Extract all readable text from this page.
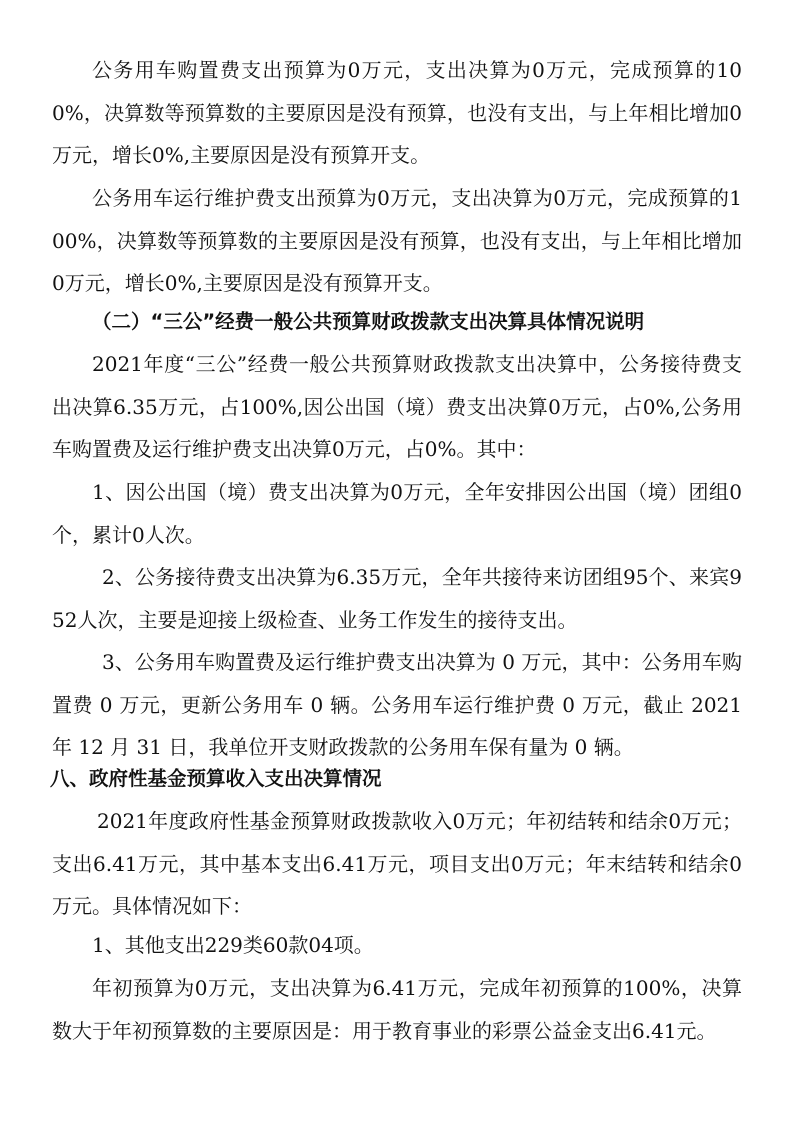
公务用车购置费支出预算为0万元，支出决算为0万元，完成预算的100%，决算数等预算数的主要原因是没有预算，也没有支出，与上年相比增加0万元，增长0%,主要原因是没有预算开支。
公务用车运行维护费支出预算为0万元，支出决算为0万元，完成预算的100%，决算数等预算数的主要原因是没有预算，也没有支出，与上年相比增加0万元，增长0%,主要原因是没有预算开支。
（二）“三公”经费一般公共预算财政拨款支出决算具体情况说明
2021年度“三公”经费一般公共预算财政拨款支出决算中，公务接待费支出决算6.35万元，占100%,因公出国（境）费支出决算0万元，占0%,公务用车购置费及运行维护费支出决算0万元，占0%。其中：
1、因公出国（境）费支出决算为0万元，全年安排因公出国（境）团组0个，累计0人次。
2、公务接待费支出决算为6.35万元，全年共接待来访团组95个、来宾952人次，主要是迎接上级检查、业务工作发生的接待支出。
3、公务用车购置费及运行维护费支出决算为 0 万元，其中：公务用车购置费 0 万元，更新公务用车 0 辆。公务用车运行维护费 0 万元，截止 2021 年 12 月 31 日，我单位开支财政拨款的公务用车保有量为 0 辆。
八、政府性基金预算收入支出决算情况
2021年度政府性基金预算财政拨款收入0万元；年初结转和结余0万元；支出6.41万元，其中基本支出6.41万元，项目支出0万元；年末结转和结余0万元。具体情况如下：
1、其他支出229类60款04项。
年初预算为0万元，支出决算为6.41万元，完成年初预算的100%，决算数大于年初预算数的主要原因是：用于教育事业的彩票公益金支出6.41元。
